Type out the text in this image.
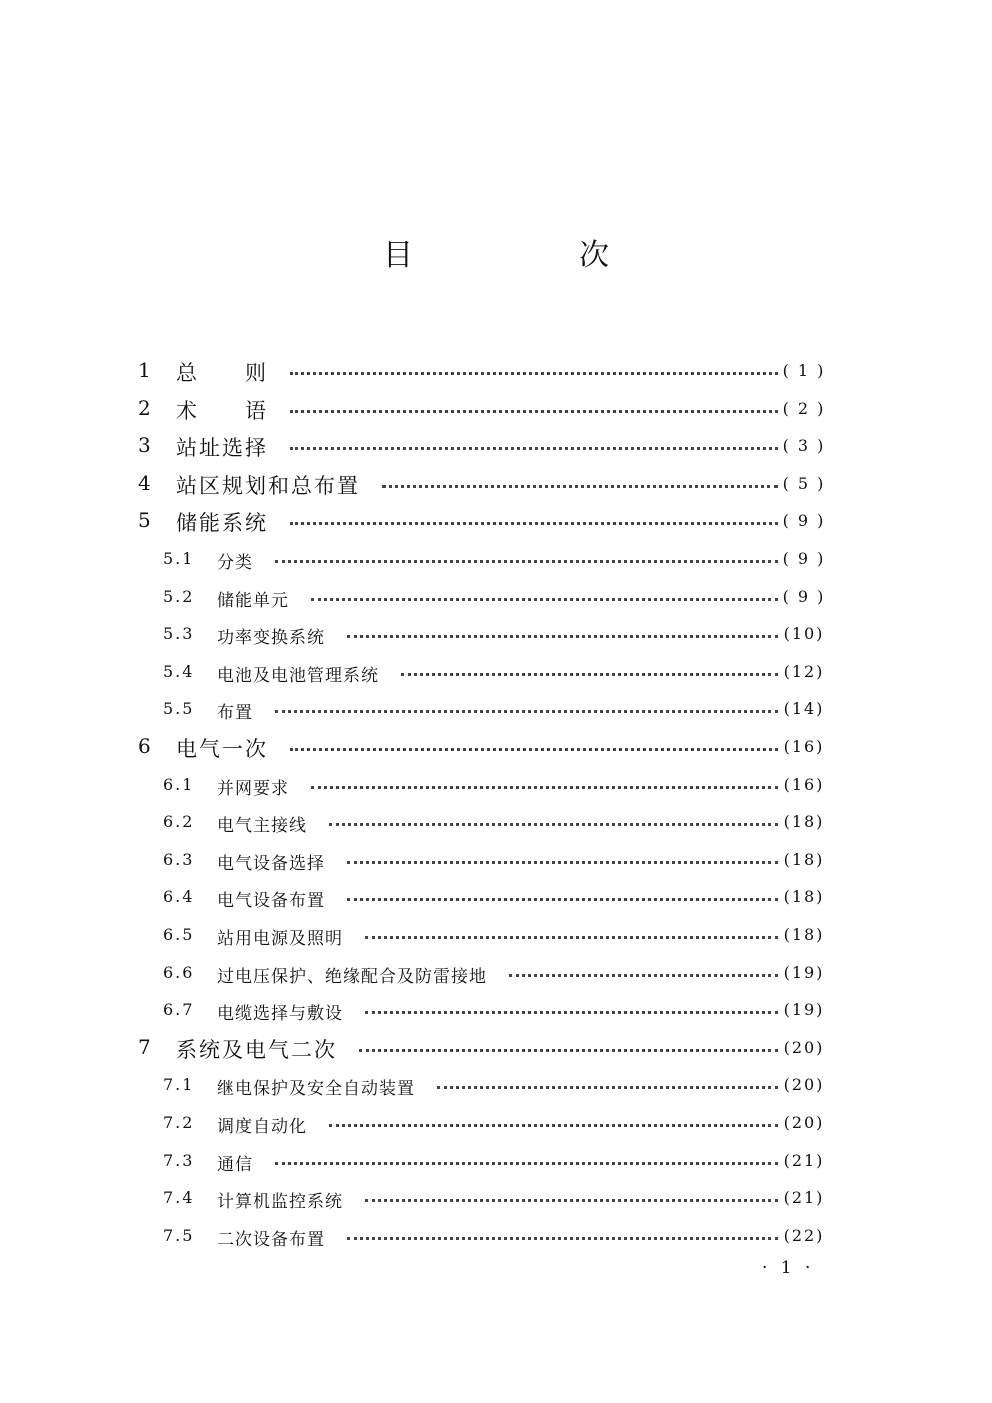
目　次
1 总　　则	( 1 )
2 术　　语	( 2 )
3 站址选择	( 3 )
4 站区规划和总布置	( 5 )
5 储能系统	( 9 )
5.1 分类	( 9 )
5.2 储能单元	( 9 )
5.3 功率变换系统	(10)
5.4 电池及电池管理系统	(12)
5.5 布置	(14)
6 电气一次	(16)
6.1 并网要求	(16)
6.2 电气主接线	(18)
6.3 电气设备选择	(18)
6.4 电气设备布置	(18)
6.5 站用电源及照明	(18)
6.6 过电压保护、绝缘配合及防雷接地	(19)
6.7 电缆选择与敷设	(19)
7 系统及电气二次	(20)
7.1 继电保护及安全自动装置	(20)
7.2 调度自动化	(20)
7.3 通信	(21)
7.4 计算机监控系统	(21)
7.5 二次设备布置	(22)
· 1 ·
